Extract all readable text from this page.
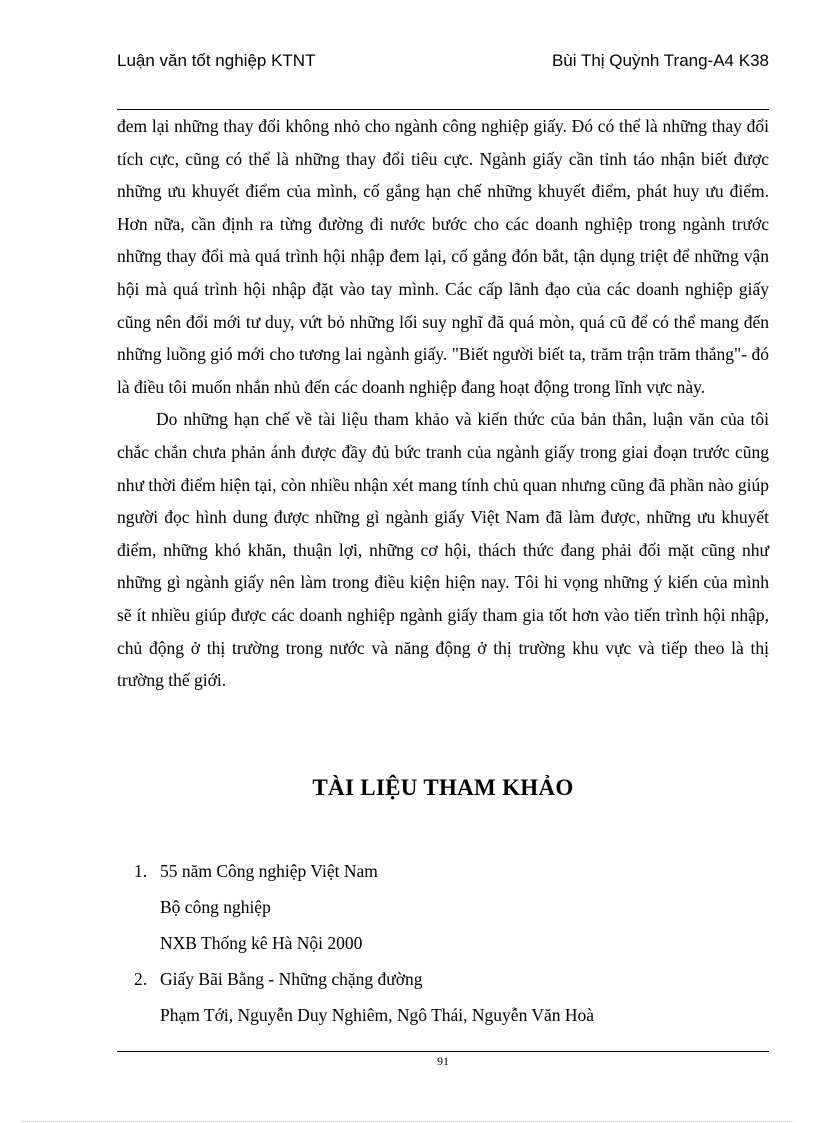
Luận văn tốt nghiệp KTNT	Bùi Thị Quỳnh Trang-A4 K38

đem lại những thay đổi không nhỏ cho ngành công nghiệp giấy. Đó có thể là những thay đổi tích cực, cũng có thể là những thay đổi tiêu cực. Ngành giấy cần tỉnh táo nhận biết được những ưu khuyết điểm của mình, cố gắng hạn chế những khuyết điểm, phát huy ưu điểm. Hơn nữa, cần định ra từng đường đi nước bước cho các doanh nghiệp trong ngành trước những thay đổi mà quá trình hội nhập đem lại, cố gắng đón bắt, tận dụng triệt để những vận hội mà quá trình hội nhập đặt vào tay mình. Các cấp lãnh đạo của các doanh nghiệp giấy cũng nên đổi mới tư duy, vứt bỏ những lối suy nghĩ đã quá mòn, quá cũ để có thể mang đến những luồng gió mới cho tương lai ngành giấy. "Biết người biết ta, trăm trận trăm thắng"- đó là điều tôi muốn nhắn nhủ đến các doanh nghiệp đang hoạt động trong lĩnh vực này.

Do những hạn chế về tài liệu tham khảo và kiến thức của bản thân, luận văn của tôi chắc chắn chưa phản ánh được đầy đủ bức tranh của ngành giấy trong giai đoạn trước cũng như thời điểm hiện tại, còn nhiều nhận xét mang tính chủ quan nhưng cũng đã phần nào giúp người đọc hình dung được những gì ngành giấy Việt Nam đã làm được, những ưu khuyết điểm, những khó khăn, thuận lợi, những cơ hội, thách thức đang phải đối mặt cũng như những gì ngành giấy nên làm trong điều kiện hiện nay. Tôi hi vọng những ý kiến của mình sẽ ít nhiều giúp được các doanh nghiệp ngành giấy tham gia tốt hơn vào tiến trình hội nhập, chủ động ở thị trường trong nước và năng động ở thị trường khu vực và tiếp theo là thị trường thế giới.

TÀI LIỆU THAM KHẢO
1. 55 năm Công nghiệp Việt Nam
Bộ công nghiệp
NXB Thống kê Hà Nội 2000
2. Giấy Bãi Bằng - Những chặng đường
Phạm Tới, Nguyễn Duy Nghiêm, Ngô Thái, Nguyễn Văn Hoà
91
